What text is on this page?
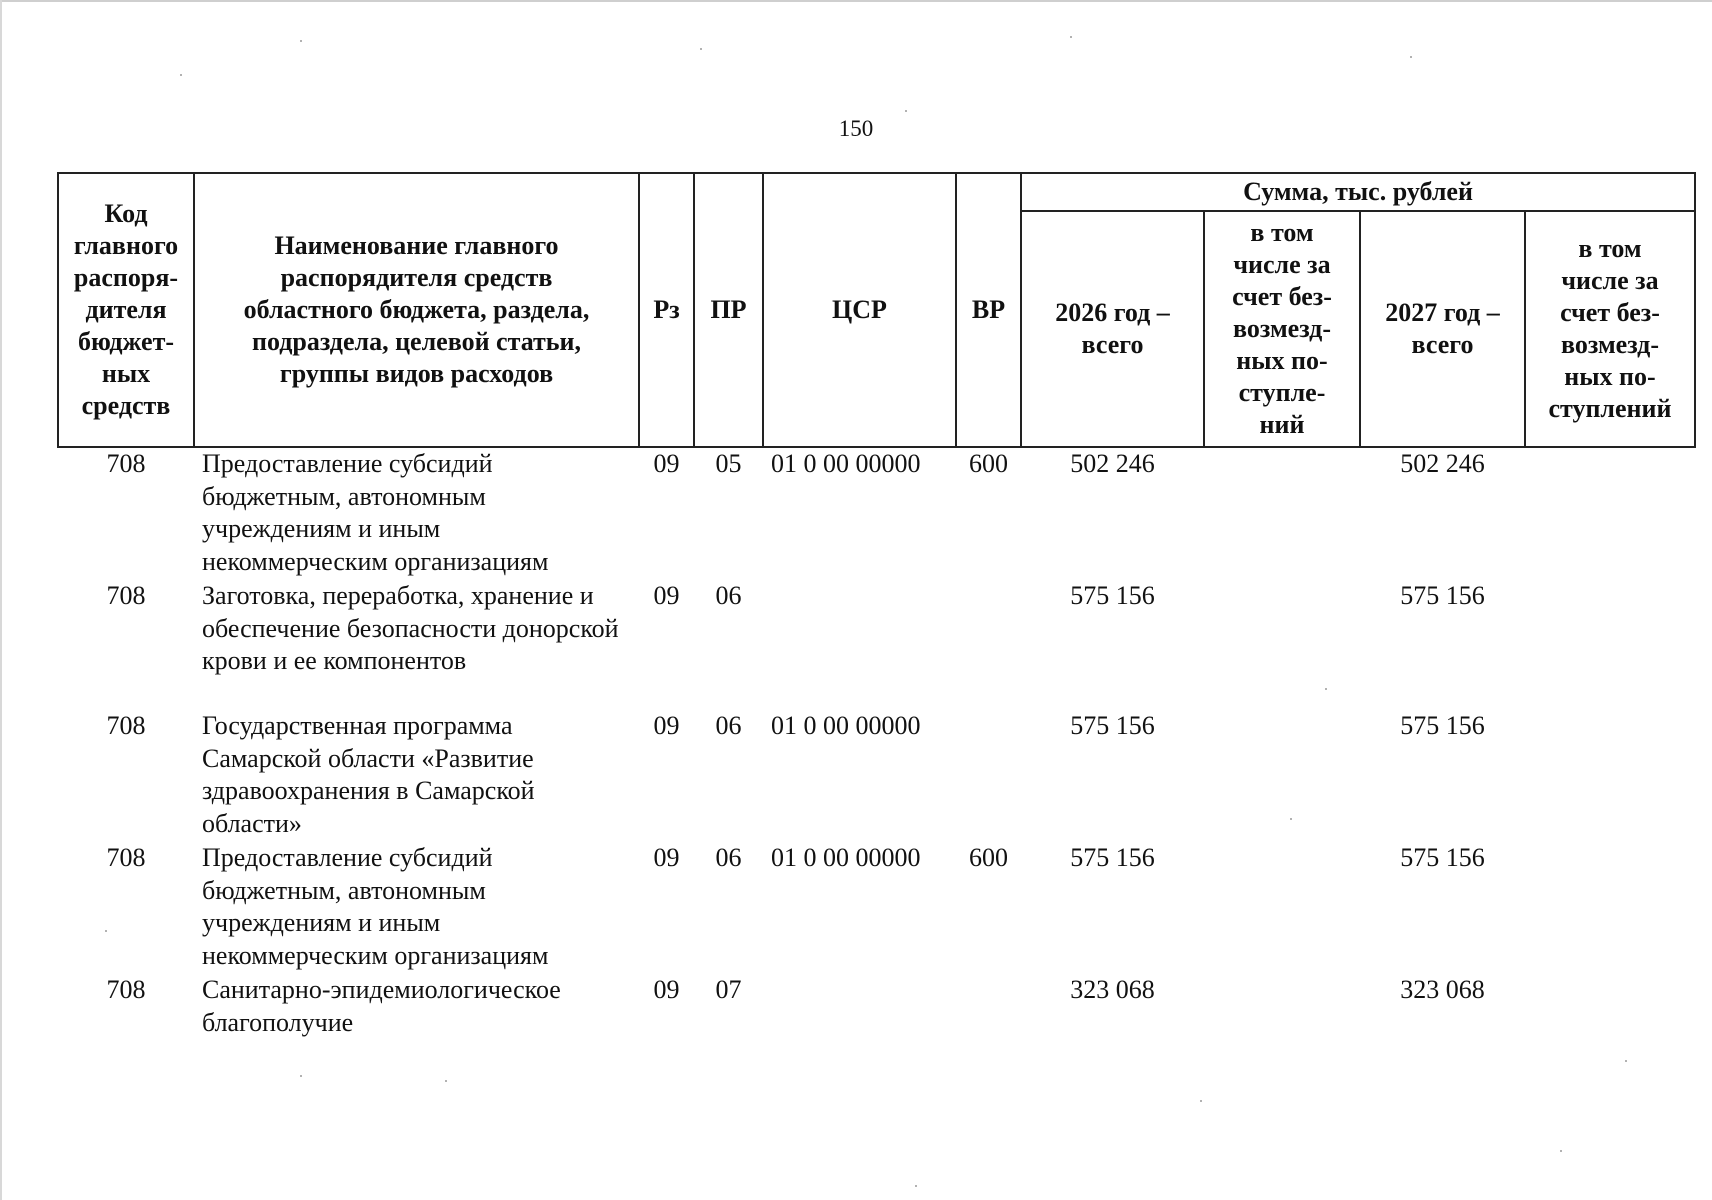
150
Код главного распоря-дителя бюджет-ных средств	Наименование главного распорядителя средств областного бюджета, раздела, подраздела, целевой статьи, группы видов расходов	Рз	ПР	ЦСР	ВР	Сумма, тыс. рублей			

						2026 год – всего	в том числе за счет без-возмезд-ных по-ступле-ний	2027 год – всего	в том числе за счет без-возмезд-ных по-ступлений

708	Предоставление субсидий бюджетным, автономным учреждениям и иным некоммерческим организациям	09	05	01 0 00 00000	600	502 246		502 246	
708	Заготовка, переработка, хранение и обеспечение безопасности донорской крови и ее компонентов	09	06			575 156		575 156	
708	Государственная программа Самарской области «Развитие здравоохранения в Самарской области»	09	06	01 0 00 00000		575 156		575 156	
708	Предоставление субсидий бюджетным, автономным учреждениям и иным некоммерческим организациям	09	06	01 0 00 00000	600	575 156		575 156	
708	Санитарно-эпидемиологическое благополучие	09	07			323 068		323 068	
